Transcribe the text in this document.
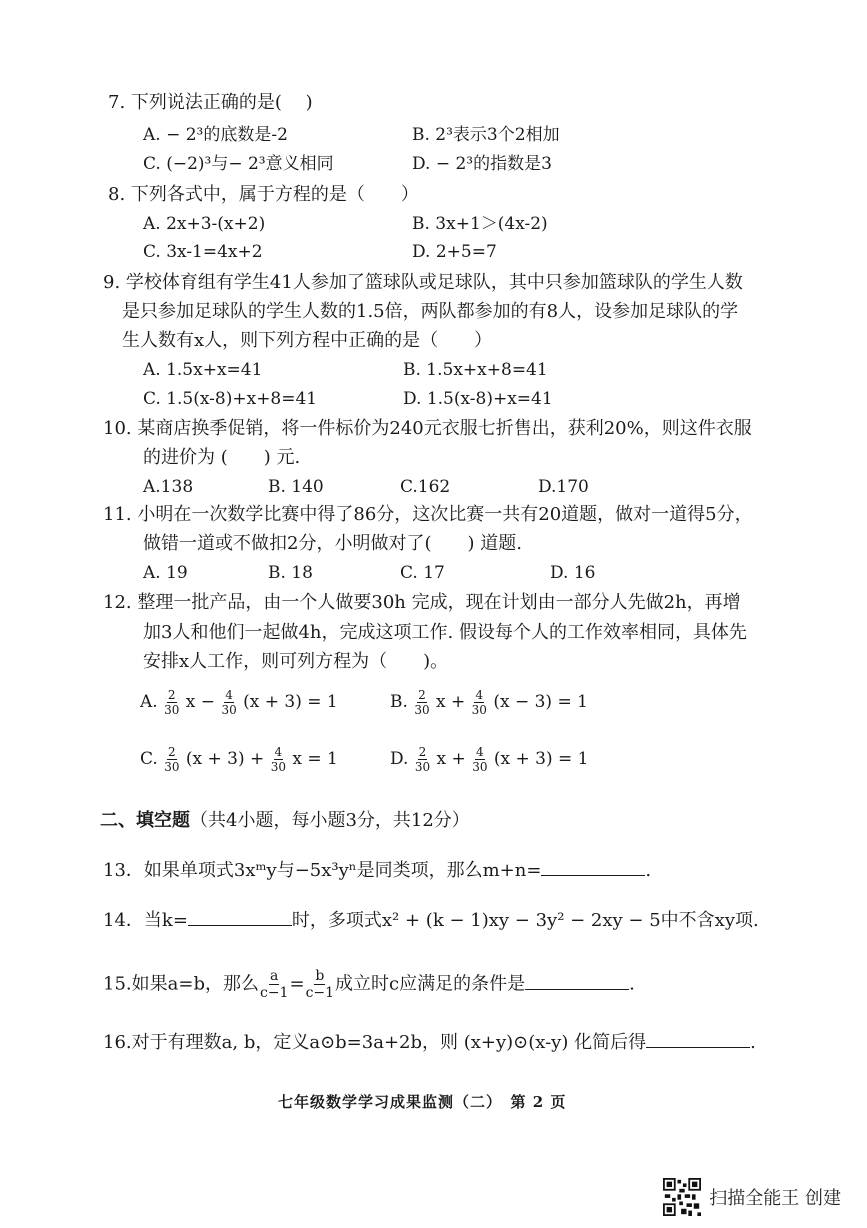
7. 下列说法正确的是(　 )
A. − 2³的底数是-2	B. 2³表示3个2相加
C. (−2)³与− 2³意义相同	D. − 2³的指数是3
8. 下列各式中，属于方程的是（　　）
A. 2x+3-(x+2)	B. 3x+1＞(4x-2)
C. 3x-1=4x+2	D. 2+5=7
9. 学校体育组有学生41人参加了篮球队或足球队，其中只参加篮球队的学生人数
是只参加足球队的学生人数的1.5倍，两队都参加的有8人，设参加足球队的学
生人数有x人，则下列方程中正确的是（　　）
A. 1.5x+x=41	B. 1.5x+x+8=41
C. 1.5(x-8)+x+8=41	D. 1.5(x-8)+x=41
10. 某商店换季促销，将一件标价为240元衣服七折售出，获利20%，则这件衣服
的进价为 (　　) 元.
A.138	B. 140	C.162	D.170
11. 小明在一次数学比赛中得了86分，这次比赛一共有20道题，做对一道得5分，
做错一道或不做扣2分，小明做对了(　　) 道题.
A. 19	B. 18	C. 17	D. 16
12. 整理一批产品，由一个人做要30h 完成，现在计划由一部分人先做2h，再增
加3人和他们一起做4h，完成这项工作. 假设每个人的工作效率相同，具体先
安排x人工作，则可列方程为（　　)。
A. $\frac{2}{30}$ $x - \frac{4}{30} (x + 3) = 1$	B. $\frac{2}{30}$ $x + \frac{4}{30} (x - 3) = 1$
C. $\frac{2}{30} (x + 3) + \frac{4}{30}$ x = 1	D. $\frac{2}{30}$ $x + \frac{4}{30} (x + 3) = 1$
二、填空题（共4小题，每小题3分，共12分）
13．如果单项式3xᵐy与−5x³yⁿ是同类项，那么m+n=	.
14．当k=	时，多项式x² + (k − 1)xy − 3y² − 2xy − 5中不含xy项.
15.如果a=b，那么 $\frac{a}{c-1} = \frac{b}{c-1}$ 成立时c应满足的条件是	.
16.对于有理数a, b，定义a⊙b=3a+2b，则 (x+y)⊙(x-y) 化简后得	.
七年级数学学习成果监测（二）　第 2 页
扫描全能王 创建
